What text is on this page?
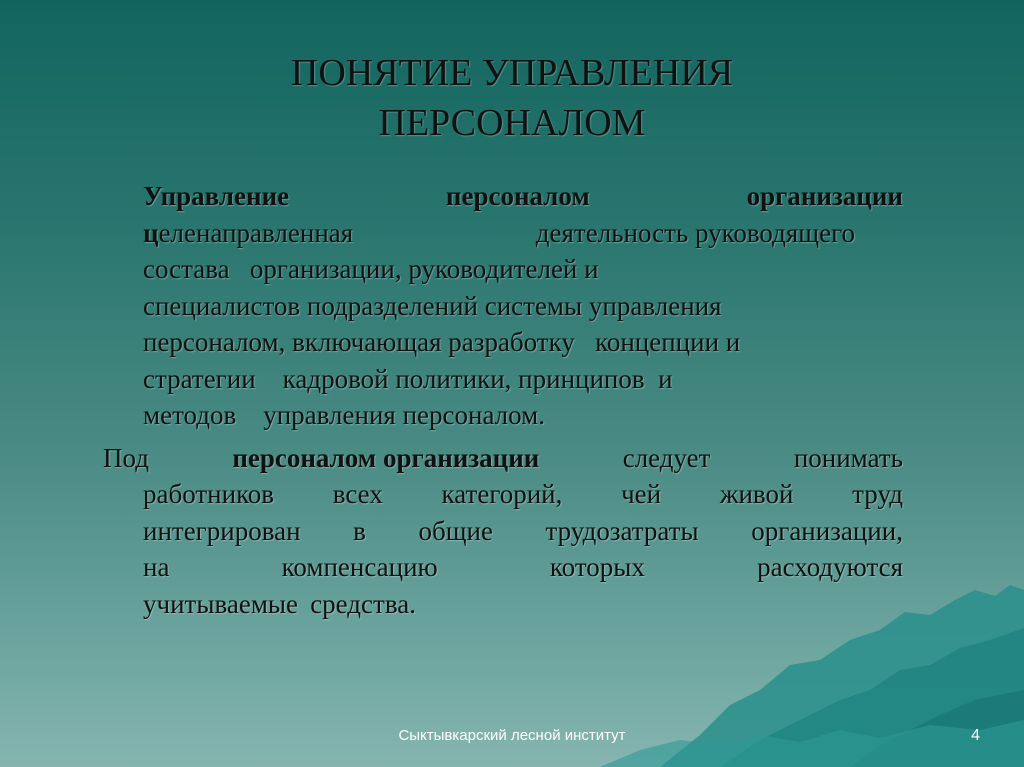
ПОНЯТИЕ УПРАВЛЕНИЯ
ПЕРСОНАЛОМ
Управление	персоналом	организации
целенаправленная	деятельность руководящего
состава   организации, руководителей и
специалистов подразделений системы управления
персоналом, включающая разработку   концепции и
стратегии    кадровой политики, принципов  и
методов    управления персоналом.
Под	персоналом организации	следует	понимать
работников всех категорий, чей живой труд
интегрирован в общие трудозатраты организации,
на	компенсацию	которых	расходуются
учитываемые средства.
Сыктывкарский лесной институт	4
